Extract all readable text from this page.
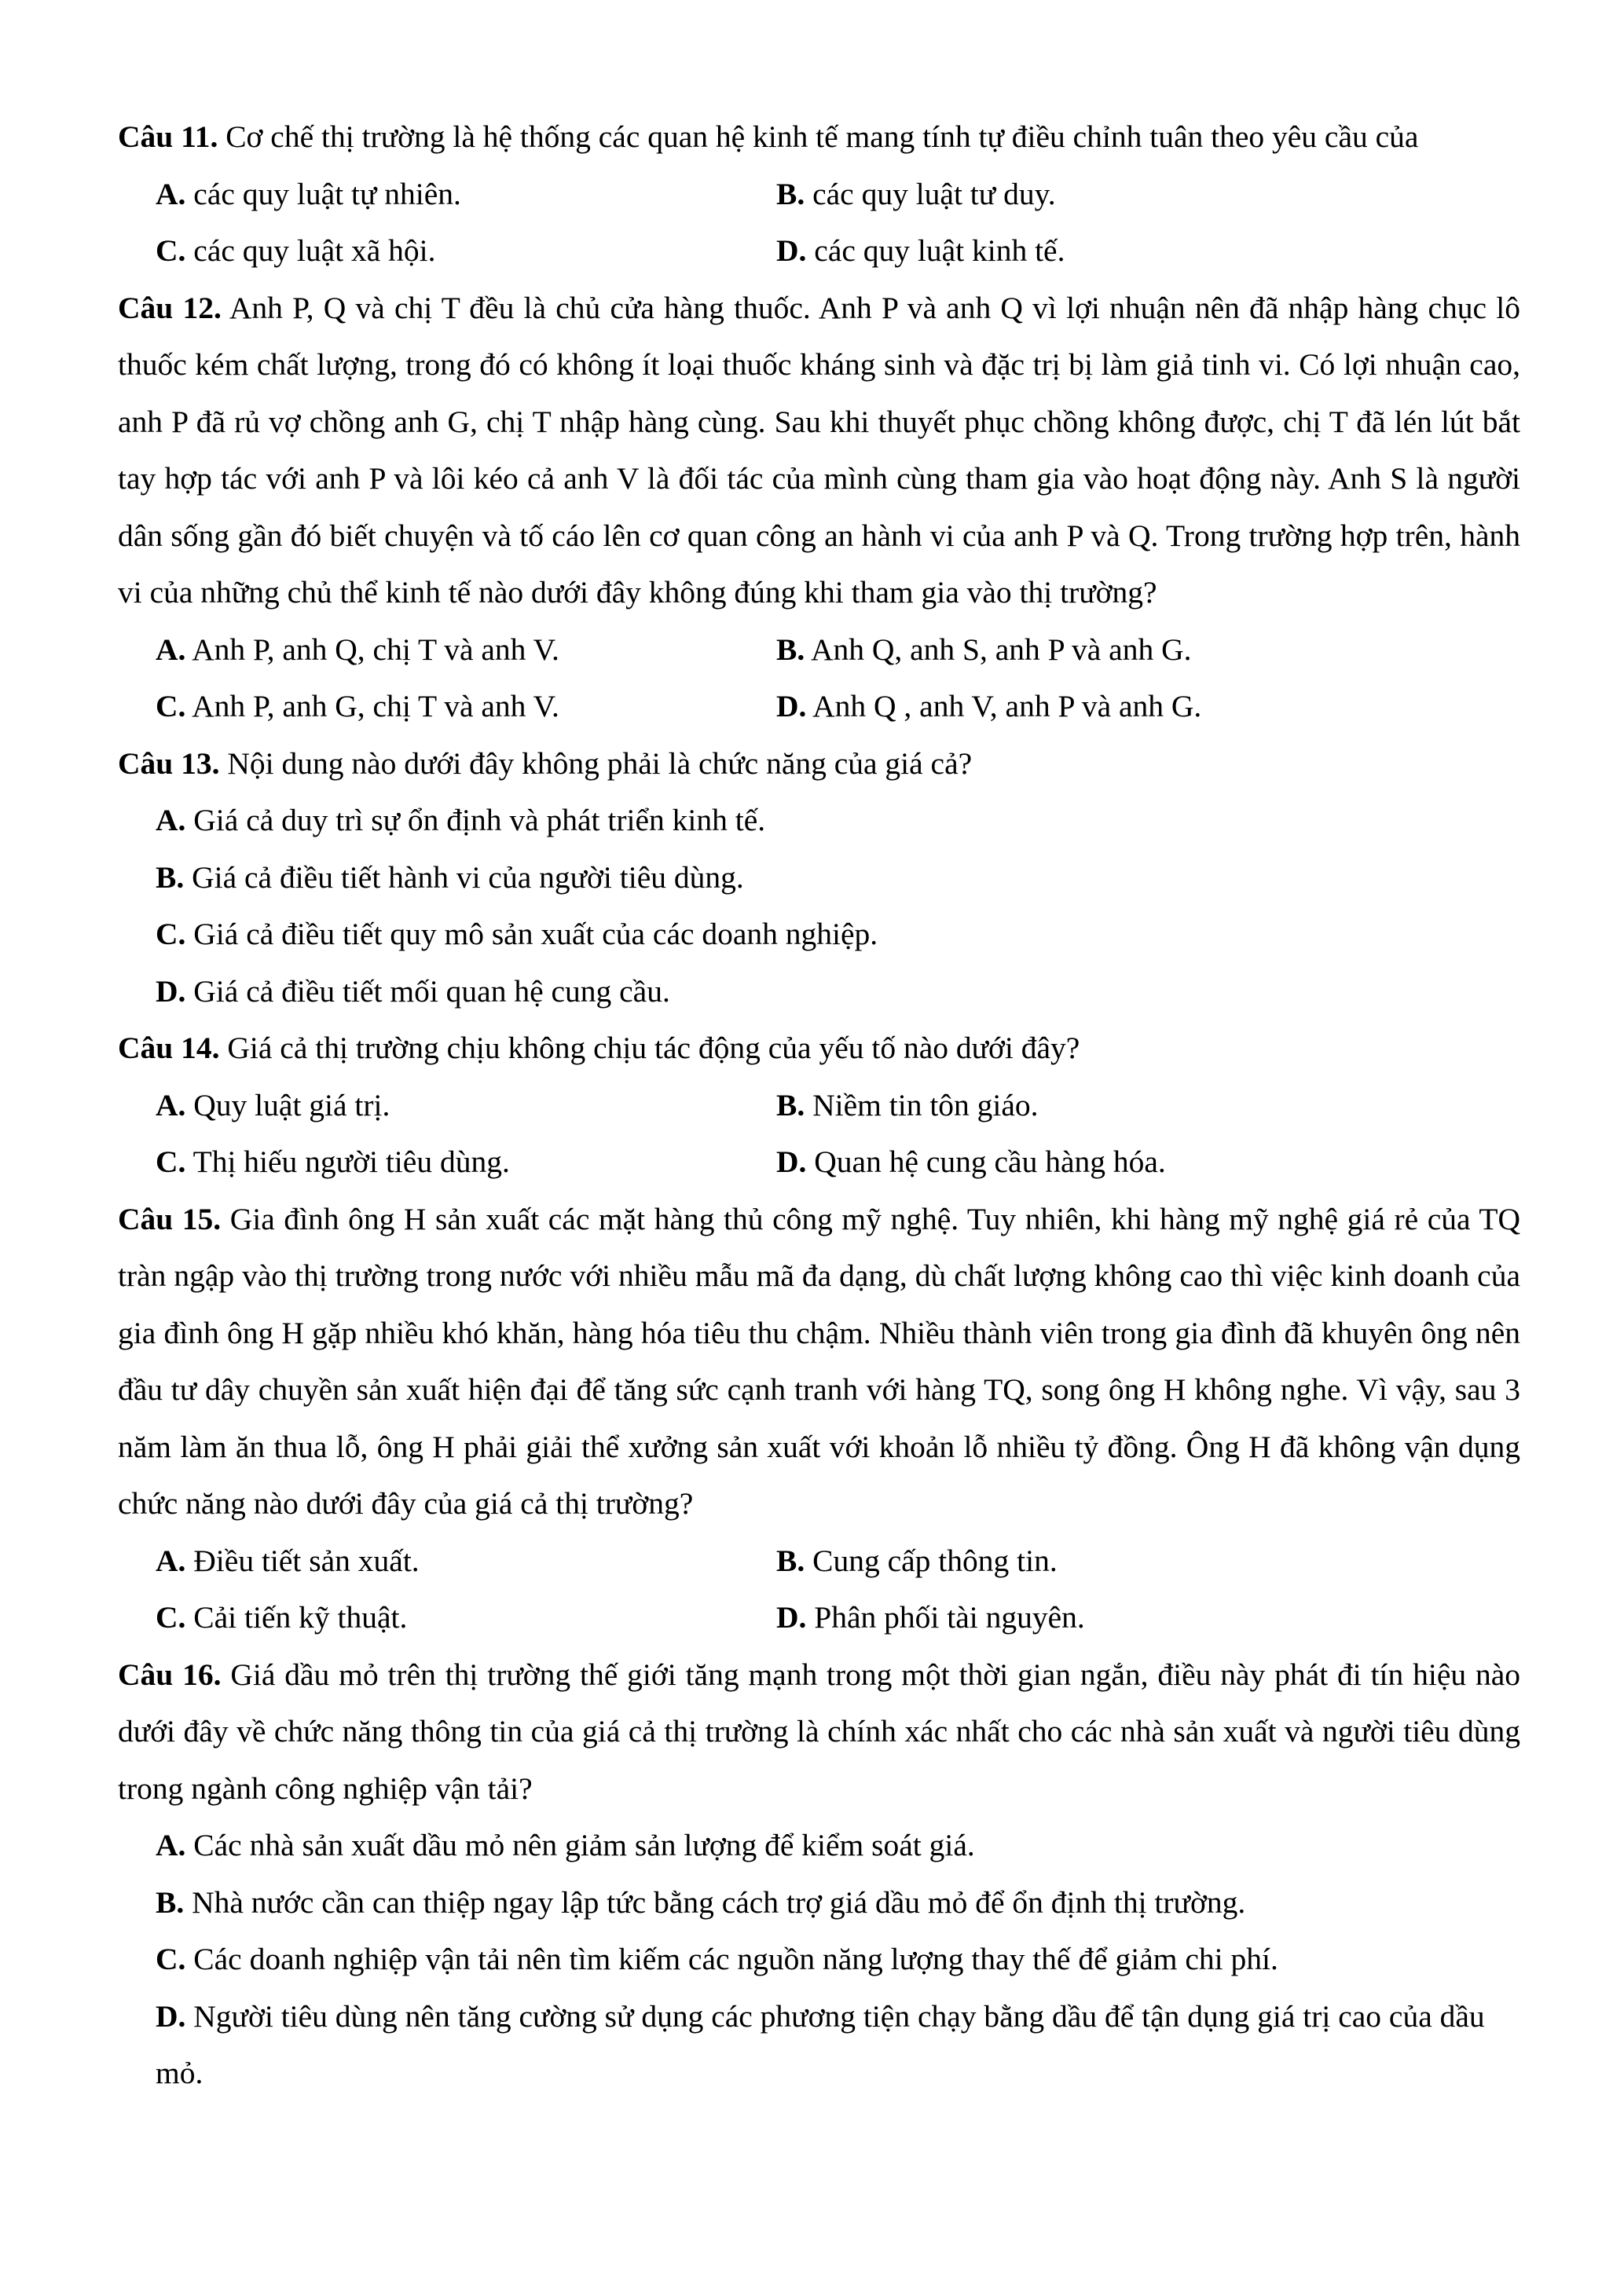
Câu 11. Cơ chế thị trường là hệ thống các quan hệ kinh tế mang tính tự điều chỉnh tuân theo yêu cầu của

A. các quy luật tự nhiên.	B. các quy luật tư duy.

C. các quy luật xã hội.	D. các quy luật kinh tế.

Câu 12. Anh P, Q và chị T đều là chủ cửa hàng thuốc. Anh P và anh Q vì lợi nhuận nên đã nhập hàng chục lô thuốc kém chất lượng, trong đó có không ít loại thuốc kháng sinh và đặc trị bị làm giả tinh vi. Có lợi nhuận cao, anh P đã rủ vợ chồng anh G, chị T nhập hàng cùng. Sau khi thuyết phục chồng không được, chị T đã lén lút bắt tay hợp tác với anh P và lôi kéo cả anh V là đối tác của mình cùng tham gia vào hoạt động này. Anh S là người dân sống gần đó biết chuyện và tố cáo lên cơ quan công an hành vi của anh P và Q. Trong trường hợp trên, hành vi của những chủ thể kinh tế nào dưới đây không đúng khi tham gia vào thị trường?

A. Anh P, anh Q, chị T và anh V.	B. Anh Q, anh S, anh P và anh G.

C. Anh P, anh G, chị T và anh V.	D. Anh Q , anh V, anh P và anh G.

Câu 13. Nội dung nào dưới đây không phải là chức năng của giá cả?

A. Giá cả duy trì sự ổn định và phát triển kinh tế.

B. Giá cả điều tiết hành vi của người tiêu dùng.

C. Giá cả điều tiết quy mô sản xuất của các doanh nghiệp.

D. Giá cả điều tiết mối quan hệ cung cầu.

Câu 14. Giá cả thị trường chịu không chịu tác động của yếu tố nào dưới đây?

A. Quy luật giá trị.	B. Niềm tin tôn giáo.

C. Thị hiếu người tiêu dùng.	D. Quan hệ cung cầu hàng hóa.

Câu 15. Gia đình ông H sản xuất các mặt hàng thủ công mỹ nghệ. Tuy nhiên, khi hàng mỹ nghệ giá rẻ của TQ tràn ngập vào thị trường trong nước với nhiều mẫu mã đa dạng, dù chất lượng không cao thì việc kinh doanh của gia đình ông H gặp nhiều khó khăn, hàng hóa tiêu thu chậm. Nhiều thành viên trong gia đình đã khuyên ông nên đầu tư dây chuyền sản xuất hiện đại để tăng sức cạnh tranh với hàng TQ, song ông H không nghe. Vì vậy, sau 3 năm làm ăn thua lỗ, ông H phải giải thể xưởng sản xuất với khoản lỗ nhiều tỷ đồng. Ông H đã không vận dụng chức năng nào dưới đây của giá cả thị trường?

A. Điều tiết sản xuất.	B. Cung cấp thông tin.

C. Cải tiến kỹ thuật.	D. Phân phối tài nguyên.

Câu 16. Giá dầu mỏ trên thị trường thế giới tăng mạnh trong một thời gian ngắn, điều này phát đi tín hiệu nào dưới đây về chức năng thông tin của giá cả thị trường là chính xác nhất cho các nhà sản xuất và người tiêu dùng trong ngành công nghiệp vận tải?

A. Các nhà sản xuất dầu mỏ nên giảm sản lượng để kiểm soát giá.

B. Nhà nước cần can thiệp ngay lập tức bằng cách trợ giá dầu mỏ để ổn định thị trường.

C. Các doanh nghiệp vận tải nên tìm kiếm các nguồn năng lượng thay thế để giảm chi phí.

D. Người tiêu dùng nên tăng cường sử dụng các phương tiện chạy bằng dầu để tận dụng giá trị cao của dầu mỏ.
